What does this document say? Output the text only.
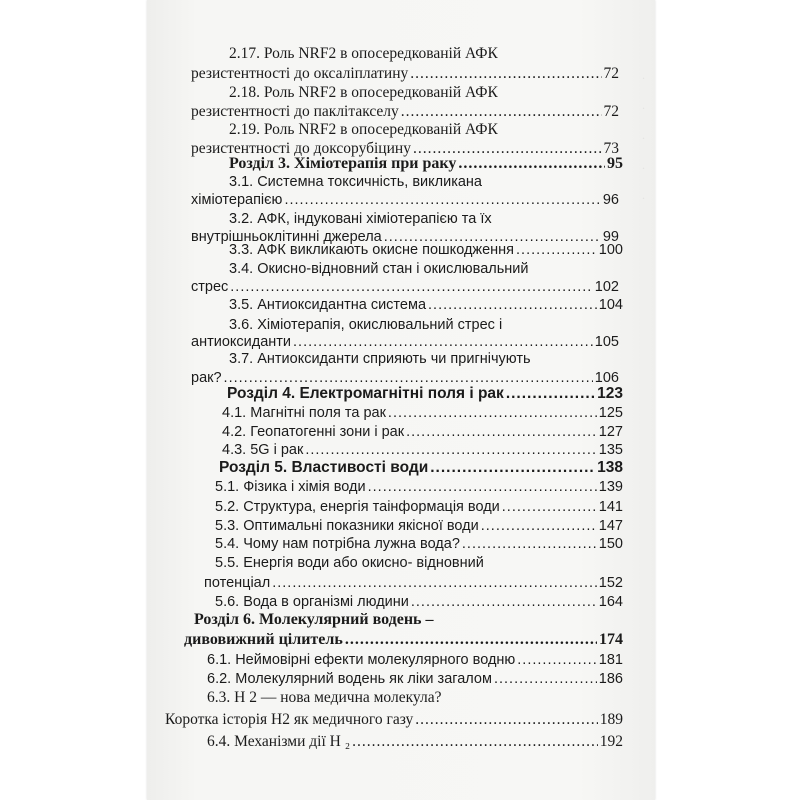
.
.
.
.
.
2.17. Роль NRF2 в опосередкованій АФК
резистентності до оксаліплатину .....	72
2.18. Роль NRF2 в опосередкованій АФК
резистентності до паклітакселу .....	72
2.19. Роль NRF2 в опосередкованій АФК
резистентності до доксорубіцину .....	73
Розділ 3. Хіміотерапія при раку .....	95
3.1. Системна токсичність, викликана
хіміотерапією .....	96
3.2. АФК, індуковані хіміотерапією та їх
внутрішньоклітинні джерела .....	99
3.3. АФК викликають окисне пошкодження .....	100
3.4. Окисно-відновний стан і окислювальний
стрес .....	102
3.5. Антиоксидантна система .....	104
3.6. Хіміотерапія, окислювальний стрес і
антиоксиданти .....	105
3.7. Антиоксиданти сприяють чи пригнічують
рак? .....	106
Розділ 4. Електромагнітні поля і рак .....	123
4.1. Магнітні поля та рак .....	125
4.2. Геопатогенні зони і рак .....	127
4.3. 5G і рак .....	135
Розділ 5. Властивості води .....	138
5.1. Фізика і хімія води .....	139
5.2. Структура, енергія таінформація води .....	141
5.3. Оптимальні показники якісної води .....	147
5.4. Чому нам потрібна лужна вода? .....	150
5.5. Енергія води або окисно- відновний
потенціал .....	152
5.6. Вода в організмі людини .....	164
Розділ 6. Молекулярний водень –
дивовижний цілитель .....	174
6.1. Неймовірні ефекти молекулярного водню .....	181
6.2. Молекулярний водень як ліки загалом .....	186
6.3. Н 2 — нова медична молекула?
Коротка історія Н2 як медичного газу .....	189
6.4. Механізми дії Н ₂ .....	192
